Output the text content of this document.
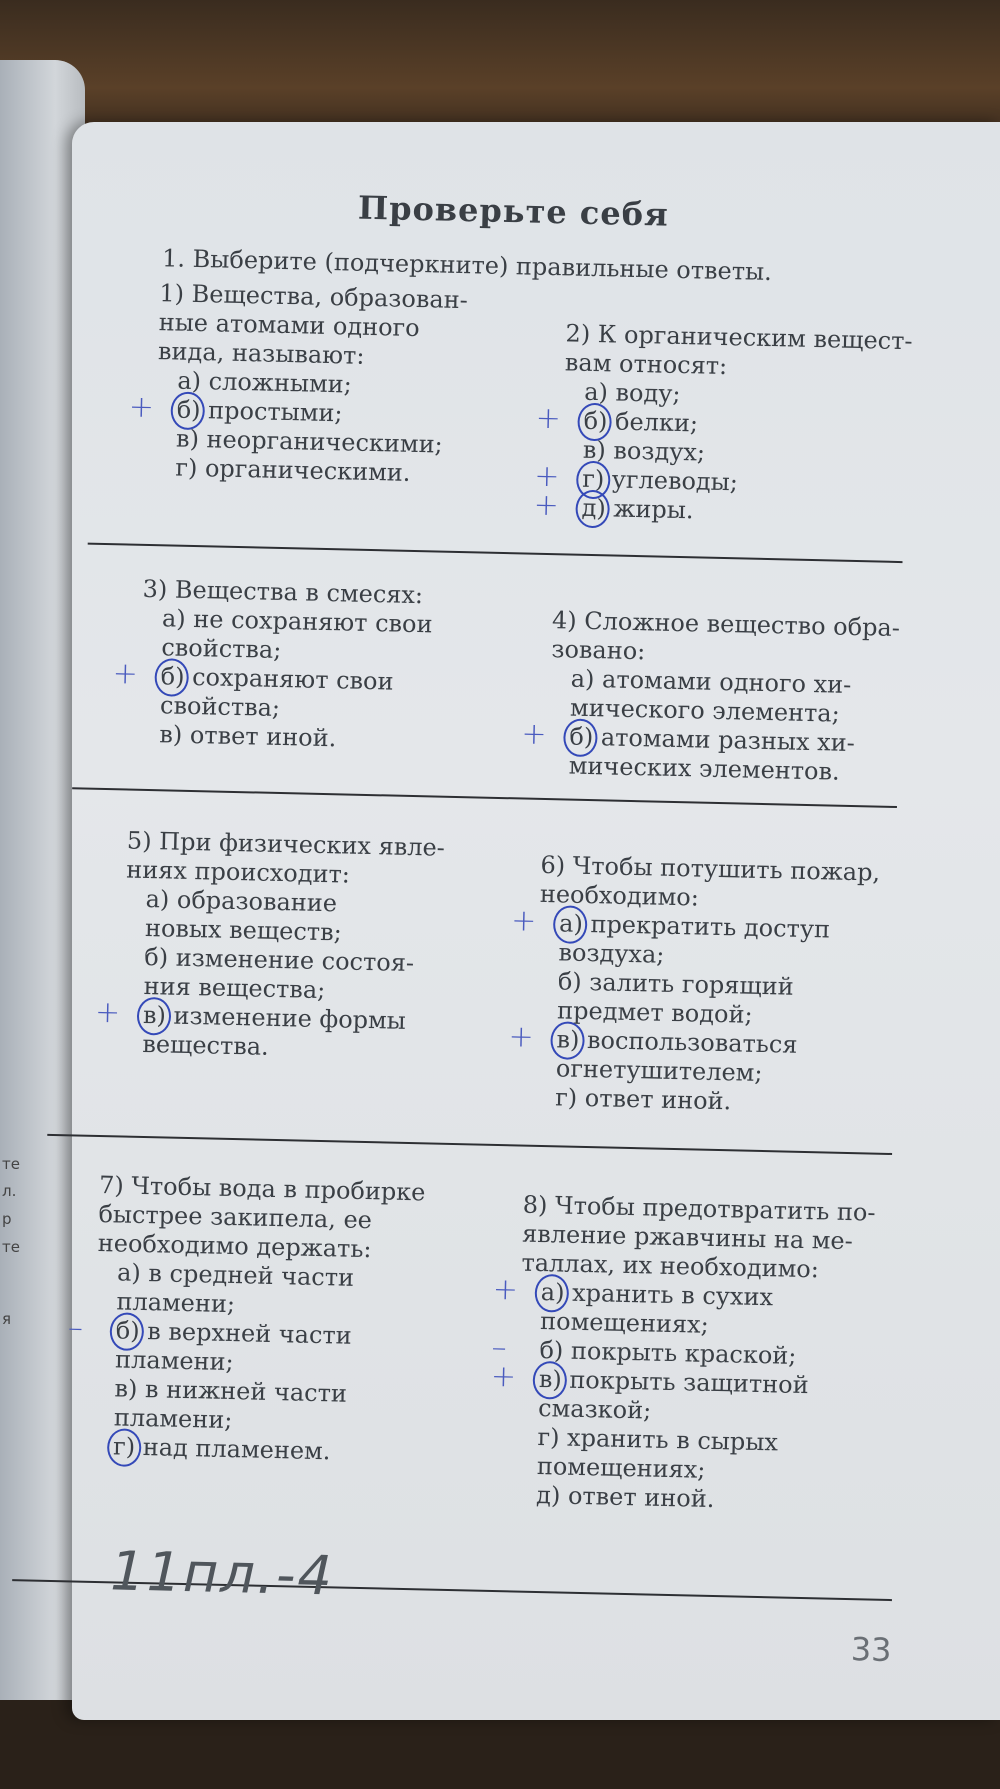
те
л.
р
те
я
Проверьте себя
1. Выберите (подчеркните) правильные ответы.
1) Вещества, образован-
ные атомами одного
вида, называют:
а) сложными;
+ б) простыми;
в) неорганическими;
г) органическими.
2) К органическим вещест-
вам относят:
а) воду;
+ б) белки;
в) воздух;
+ г) углеводы;
+ д) жиры.
3) Вещества в смесях:
а) не сохраняют свои
свойства;
+ б) сохраняют свои
свойства;
в) ответ иной.
4) Сложное вещество обра-
зовано:
а) атомами одного хи-
мического элемента;
+ б) атомами разных хи-
мических элементов.
5) При физических явле-
ниях происходит:
а) образование
новых веществ;
б) изменение состоя-
ния вещества;
+ в) изменение формы
вещества.
6) Чтобы потушить пожар,
необходимо:
+ а) прекратить доступ
воздуха;
б) залить горящий
предмет водой;
+ в) воспользоваться
огнетушителем;
г) ответ иной.
7) Чтобы вода в пробирке
быстрее закипела, ее
необходимо держать:
а) в средней части
пламени;
– б) в верхней части
пламени;
в) в нижней части
пламени;
г) над пламенем.
8) Чтобы предотвратить по-
явление ржавчины на ме-
таллах, их необходимо:
+ а) хранить в сухих
помещениях;
– б) покрыть краской;
+ в) покрыть защитной
смазкой;
г) хранить в сырых
помещениях;
д) ответ иной.
11пл.-4
33
